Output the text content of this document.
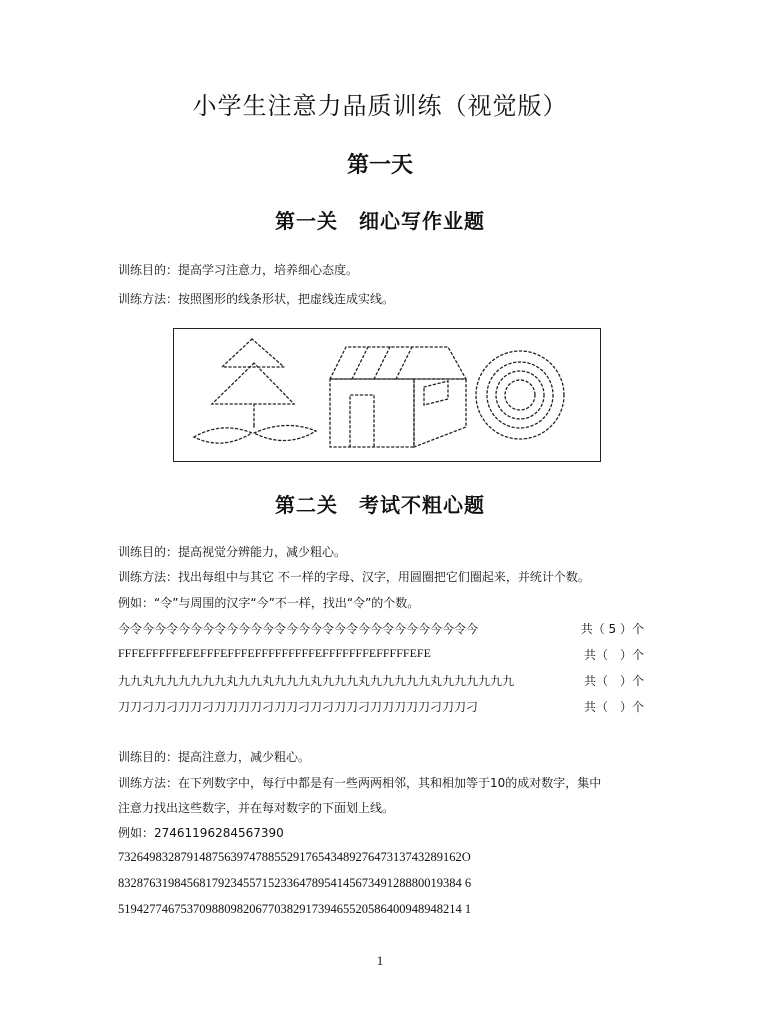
小学生注意力品质训练（视觉版）
第一天
第一关　细心写作业题
训练目的：提高学习注意力，培养细心态度。
训练方法：按照图形的线条形状，把虚线连成实线。
第二关　考试不粗心题
训练目的：提高视觉分辨能力，减少粗心。
训练方法：找出每组中与其它 不一样的字母、汉字，用圆圈把它们圈起来，并统计个数。
例如：“令”与周围的汉字“今”不一样，找出“令”的个数。
今令今今令今今今令今今今今令今今今令今令今今令今今今今今令今	共（ 5 ）个
FFFEFFFFFEFEFFFEFFFEFFFFFFFFFEFFFFFFFEFFFFFEFE	共（　）个
九九丸九九九九九九丸九九丸九九九丸九九九丸九九九九九丸九九九九九九	共（　）个
刀刀刁刀刁刀刀刁刀刀刀刀刁刀刀刁刀刁刀刀刁刀刀刀刀刀刁刀刀刁	共（　）个
训练目的：提高注意力，减少粗心。
训练方法：在下列数字中，每行中都是有一些两两相邻，其和相加等于10的成对数字，集中
注意力找出这些数字，并在每对数字的下面划上线。
例如：27461196284567390
7326498328791487563974788552917654348927647313743289162O
8328763198456817923455715233647895414567349128880019384 6
5194277467537098809820677038291739465520586400948948214 1
1
